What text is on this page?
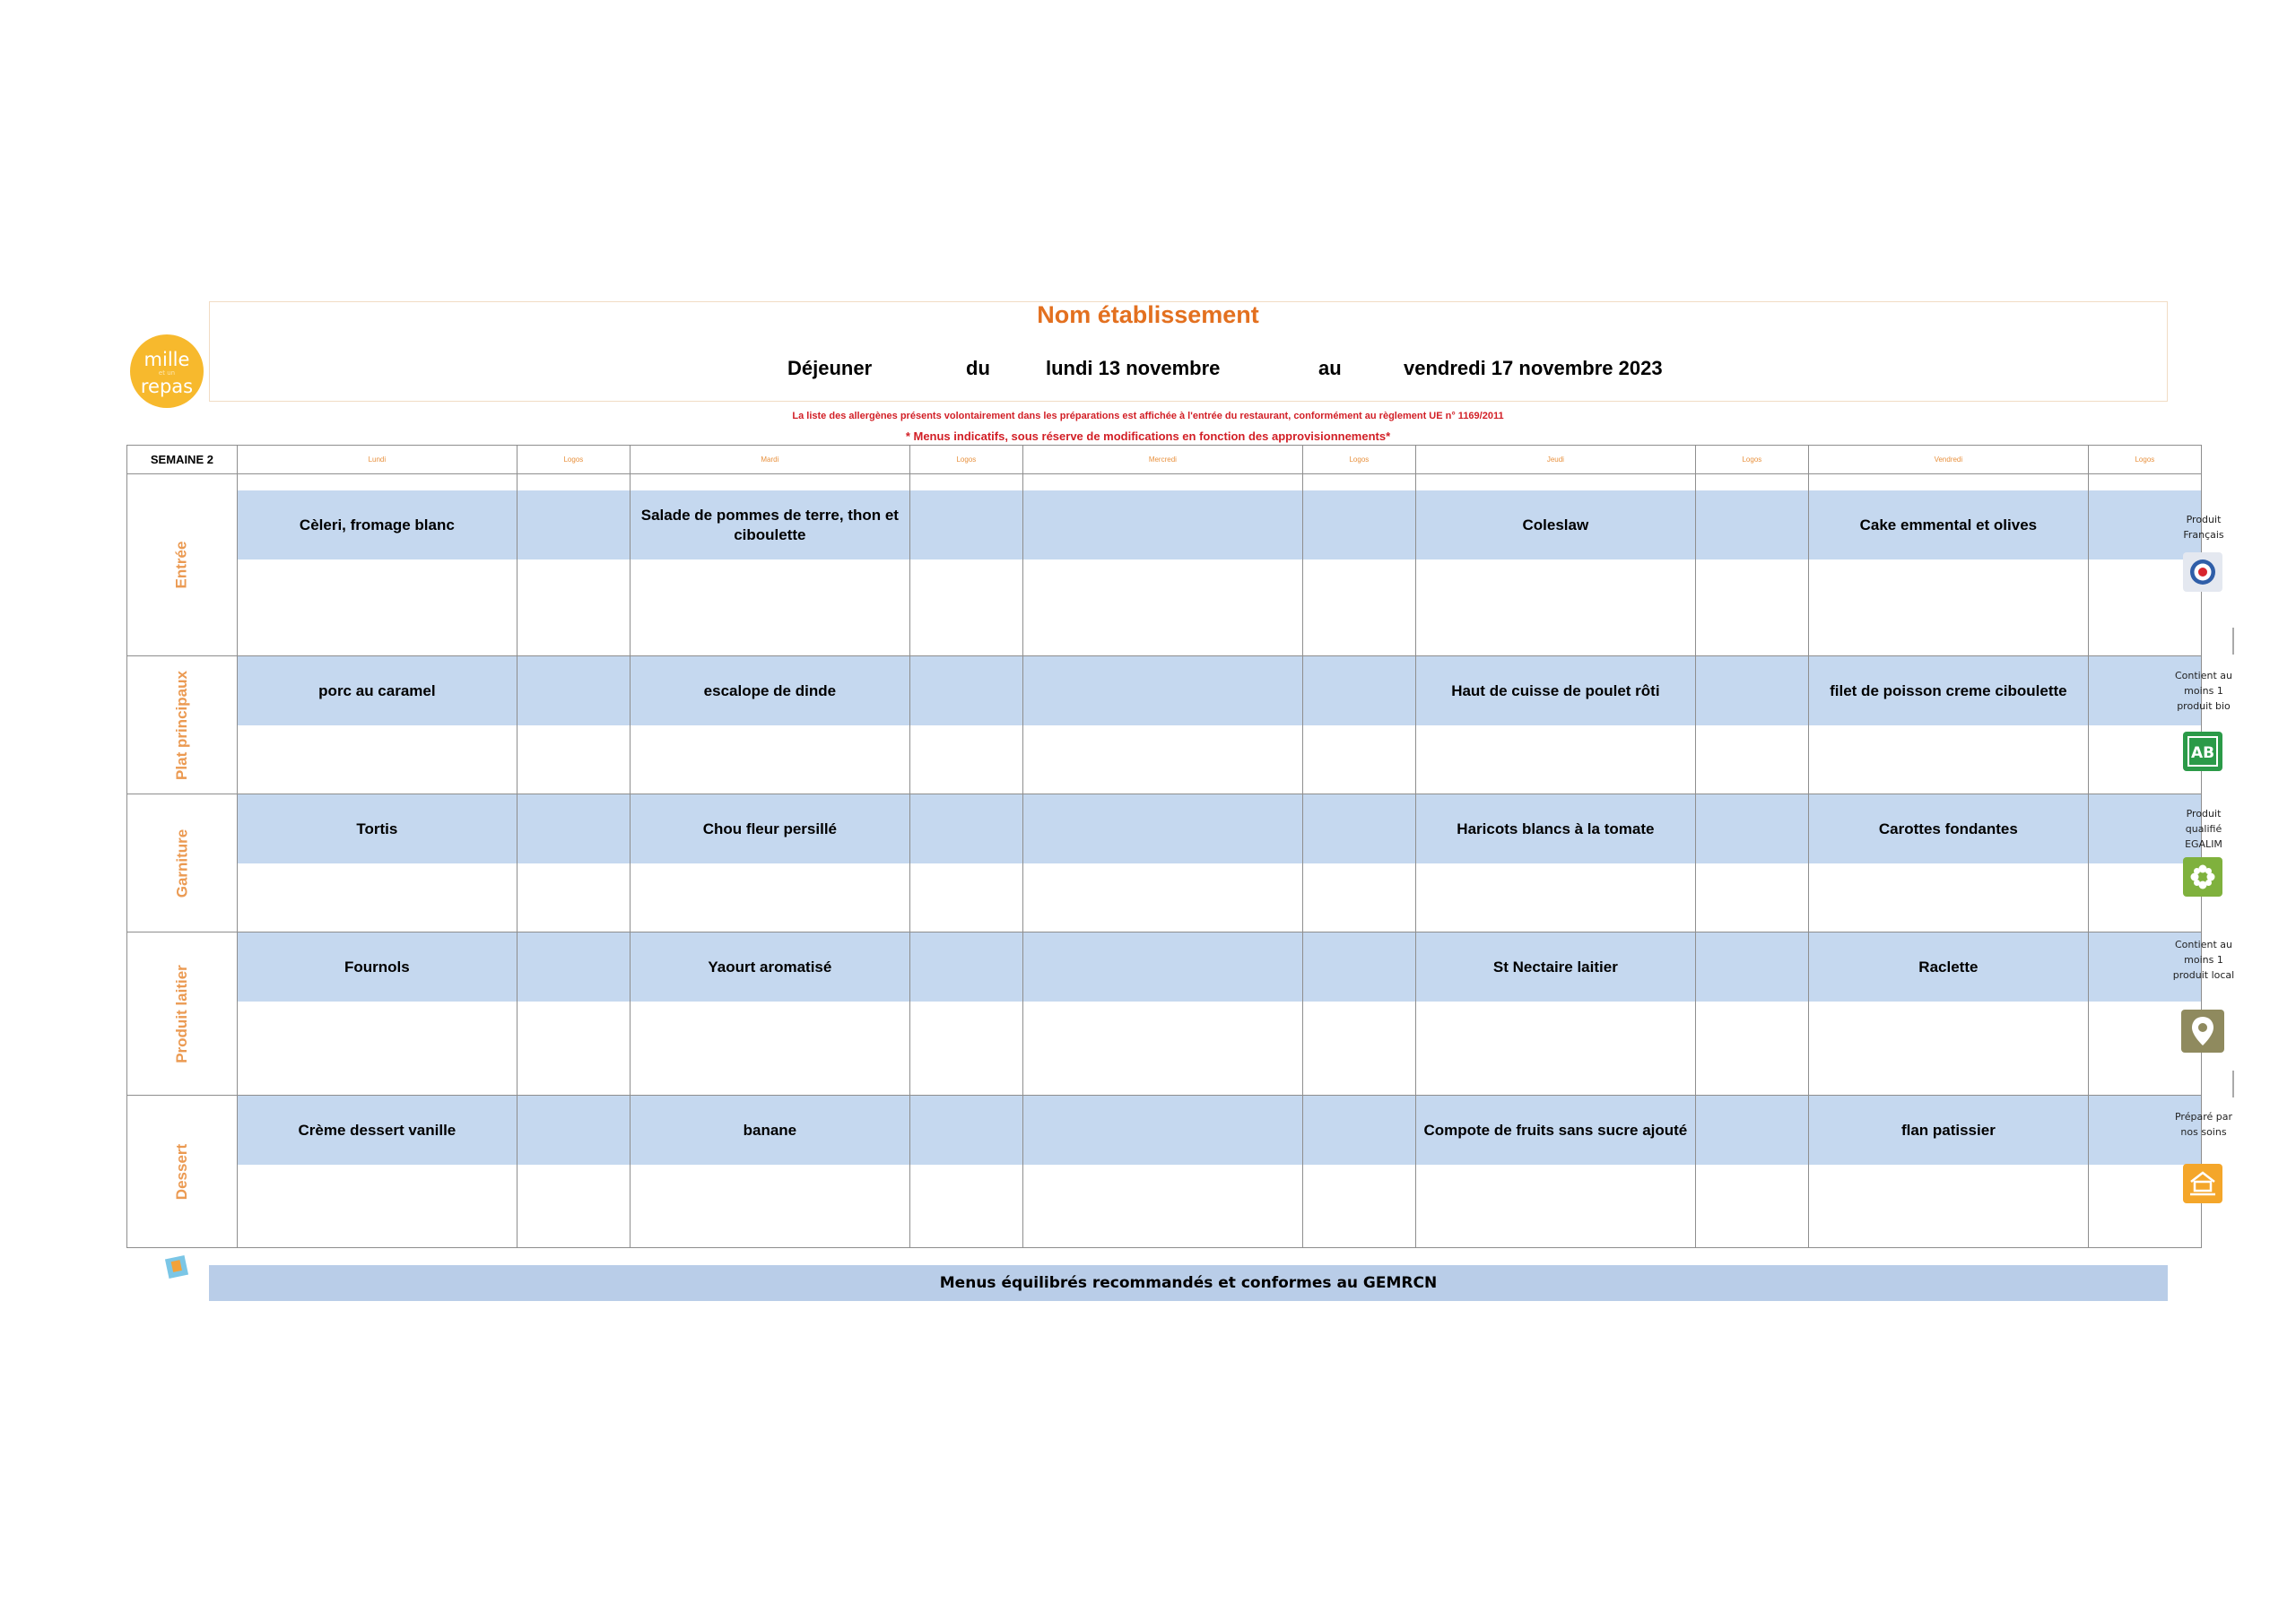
mille
et un
repas
Nom établissement
Déjeuner	du	lundi 13 novembre	au	vendredi 17 novembre 2023
La liste des allergènes présents volontairement dans les préparations est affichée à l'entrée du restaurant, conformément au règlement UE n° 1169/2011
* Menus indicatifs, sous réserve de modifications en fonction des approvisionnements*
SEMAINE 2	Lundi	Logos	Mardi	Logos	Mercredi	Logos	Jeudi	Logos	Vendredi	Logos
Entrée	Cèleri, fromage blanc		Salade de pommes de terre, thon et ciboulette				Coleslaw		Cake emmental et olives	

Plat principaux	porc au caramel		escalope de dinde				Haut de cuisse de poulet rôti		filet de poisson creme ciboulette	

Garniture	Tortis		Chou fleur persillé				Haricots blancs à la tomate		Carottes fondantes	

Produit laitier	Fournols		Yaourt aromatisé				St Nectaire laitier		Raclette	

Dessert	Crème dessert vanille		banane				Compote de fruits sans sucre ajouté		flan patissier	

Menus équilibrés recommandés et conformes au GEMRCN
Produit Français
Contient au moins 1 produit bio
AB
Produit qualifié EGALIM
Contient au moins 1 produit local
Préparé par nos soins
